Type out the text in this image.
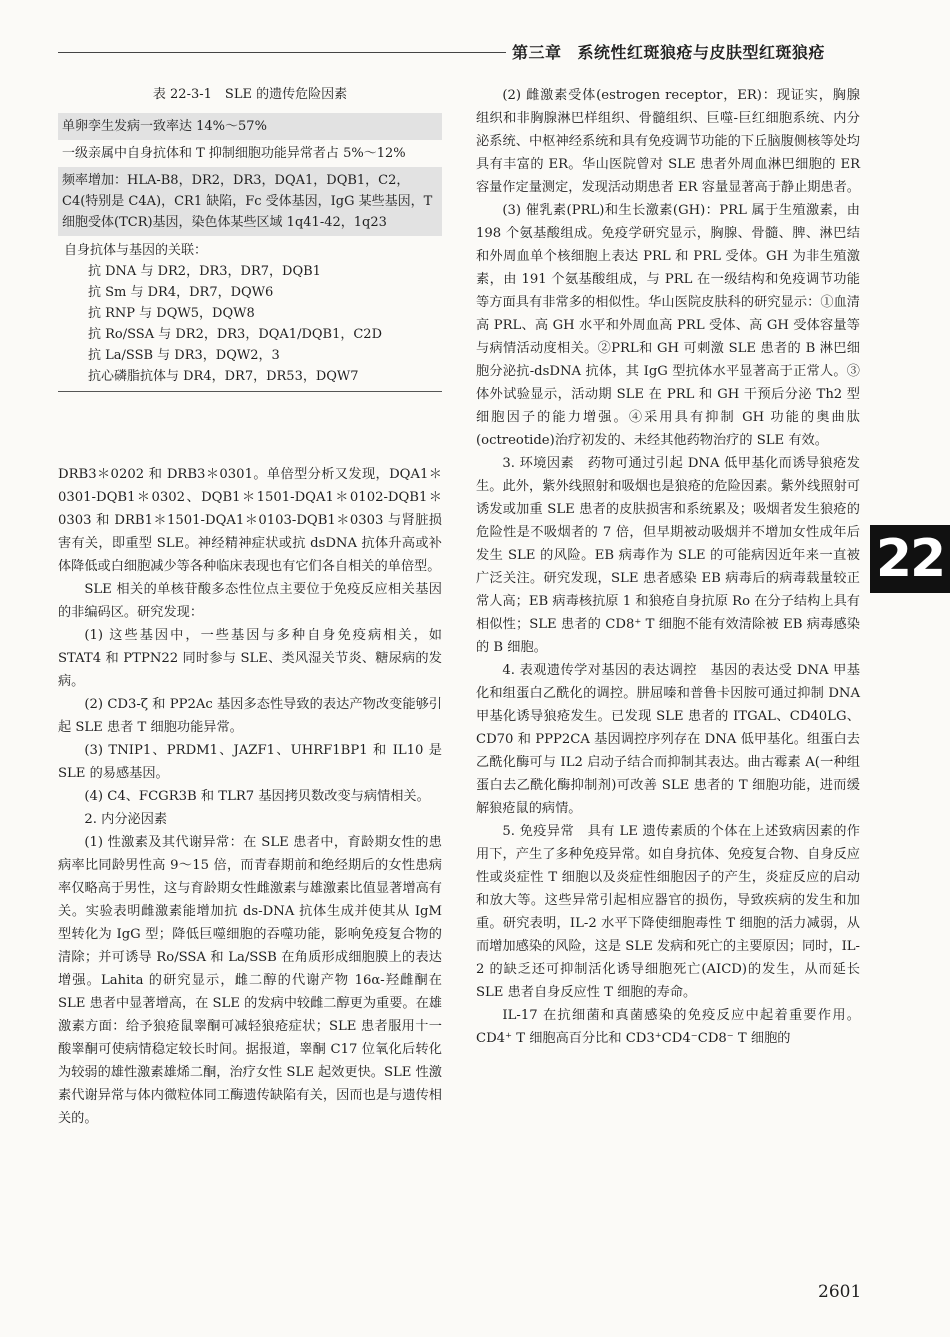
第三章 系统性红斑狼疮与皮肤型红斑狼疮
22
表 22-3-1　SLE 的遗传危险因素
单卵孪生发病一致率达 14%～57%
一级亲属中自身抗体和 T 抑制细胞功能异常者占 5%～12%
频率增加：HLA-B8，DR2，DR3，DQA1，DQB1，C2，C4(特别是 C4A)，CR1 缺陷，Fc 受体基因，IgG 某些基因，T 细胞受体(TCR)基因，染色体某些区域 1q41-42，1q23
自身抗体与基因的关联：
抗 DNA 与 DR2，DR3，DR7，DQB1
抗 Sm 与 DR4，DR7，DQW6
抗 RNP 与 DQW5，DQW8
抗 Ro/SSA 与 DR2，DR3，DQA1/DQB1，C2D
抗 La/SSB 与 DR3，DQW2，3
抗心磷脂抗体与 DR4，DR7，DR53，DQW7

DRB3＊0202 和 DRB3＊0301。单倍型分析又发现，DQA1＊0301-DQB1＊0302、DQB1＊1501-DQA1＊0102-DQB1＊0303 和 DRB1＊1501-DQA1＊0103-DQB1＊0303 与肾脏损害有关，即重型 SLE。神经精神症状或抗 dsDNA 抗体升高或补体降低或白细胞减少等各种临床表现也有它们各自相关的单倍型。

SLE 相关的单核苷酸多态性位点主要位于免疫反应相关基因的非编码区。研究发现：

(1) 这些基因中，一些基因与多种自身免疫病相关，如 STAT4 和 PTPN22 同时参与 SLE、类风湿关节炎、糖尿病的发病。

(2) CD3-ζ 和 PP2Ac 基因多态性导致的表达产物改变能够引起 SLE 患者 T 细胞功能异常。

(3) TNIP1、PRDM1、JAZF1、UHRF1BP1 和 IL10 是 SLE 的易感基因。

(4) C4、FCGR3B 和 TLR7 基因拷贝数改变与病情相关。

2. 内分泌因素

(1) 性激素及其代谢异常：在 SLE 患者中，育龄期女性的患病率比同龄男性高 9～15 倍，而青春期前和绝经期后的女性患病率仅略高于男性，这与育龄期女性雌激素与雄激素比值显著增高有关。实验表明雌激素能增加抗 ds-DNA 抗体生成并使其从 IgM 型转化为 IgG 型；降低巨噬细胞的吞噬功能，影响免疫复合物的清除；并可诱导 Ro/SSA 和 La/SSB 在角质形成细胞膜上的表达增强。Lahita 的研究显示，雌二醇的代谢产物 16α-羟雌酮在 SLE 患者中显著增高，在 SLE 的发病中较雌二醇更为重要。在雄激素方面：给予狼疮鼠睾酮可减轻狼疮症状；SLE 患者服用十一酸睾酮可使病情稳定较长时间。据报道，睾酮 C17 位氧化后转化为较弱的雄性激素雄烯二酮，治疗女性 SLE 起效更快。SLE 性激素代谢异常与体内微粒体同工酶遗传缺陷有关，因而也是与遗传相关的。

(2) 雌激素受体(estrogen receptor，ER)：现证实，胸腺组织和非胸腺淋巴样组织、骨髓组织、巨噬-巨红细胞系统、内分泌系统、中枢神经系统和具有免疫调节功能的下丘脑腹侧核等处均具有丰富的 ER。华山医院曾对 SLE 患者外周血淋巴细胞的 ER 容量作定量测定，发现活动期患者 ER 容量显著高于静止期患者。

(3) 催乳素(PRL)和生长激素(GH)：PRL 属于生殖激素，由 198 个氨基酸组成。免疫学研究显示，胸腺、骨髓、脾、淋巴结和外周血单个核细胞上表达 PRL 和 PRL 受体。GH 为非生殖激素，由 191 个氨基酸组成，与 PRL 在一级结构和免疫调节功能等方面具有非常多的相似性。华山医院皮肤科的研究显示：①血清高 PRL、高 GH 水平和外周血高 PRL 受体、高 GH 受体容量等与病情活动度相关。②PRL和 GH 可刺激 SLE 患者的 B 淋巴细胞分泌抗-dsDNA 抗体，其 IgG 型抗体水平显著高于正常人。③体外试验显示，活动期 SLE 在 PRL 和 GH 干预后分泌 Th2 型细胞因子的能力增强。④采用具有抑制 GH 功能的奥曲肽(octreotide)治疗初发的、未经其他药物治疗的 SLE 有效。

3. 环境因素　药物可通过引起 DNA 低甲基化而诱导狼疮发生。此外，紫外线照射和吸烟也是狼疮的危险因素。紫外线照射可诱发或加重 SLE 患者的皮肤损害和系统累及；吸烟者发生狼疮的危险性是不吸烟者的 7 倍，但早期被动吸烟并不增加女性成年后发生 SLE 的风险。EB 病毒作为 SLE 的可能病因近年来一直被广泛关注。研究发现，SLE 患者感染 EB 病毒后的病毒载量较正常人高；EB 病毒核抗原 1 和狼疮自身抗原 Ro 在分子结构上具有相似性；SLE 患者的 CD8⁺ T 细胞不能有效清除被 EB 病毒感染的 B 细胞。

4. 表观遗传学对基因的表达调控　基因的表达受 DNA 甲基化和组蛋白乙酰化的调控。肼屈嗪和普鲁卡因胺可通过抑制 DNA 甲基化诱导狼疮发生。已发现 SLE 患者的 ITGAL、CD40LG、CD70 和 PPP2CA 基因调控序列存在 DNA 低甲基化。组蛋白去乙酰化酶可与 IL2 启动子结合而抑制其表达。曲古霉素 A(一种组蛋白去乙酰化酶抑制剂)可改善 SLE 患者的 T 细胞功能，进而缓解狼疮鼠的病情。

5. 免疫异常　具有 LE 遗传素质的个体在上述致病因素的作用下，产生了多种免疫异常。如自身抗体、免疫复合物、自身反应性或炎症性 T 细胞以及炎症性细胞因子的产生，炎症反应的启动和放大等。这些异常引起相应器官的损伤，导致疾病的发生和加重。研究表明，IL-2 水平下降使细胞毒性 T 细胞的活力减弱，从而增加感染的风险，这是 SLE 发病和死亡的主要原因；同时，IL-2 的缺乏还可抑制活化诱导细胞死亡(AICD)的发生，从而延长 SLE 患者自身反应性 T 细胞的寿命。

IL-17 在抗细菌和真菌感染的免疫反应中起着重要作用。CD4⁺ T 细胞高百分比和 CD3⁺CD4⁻CD8⁻ T 细胞的

2601
